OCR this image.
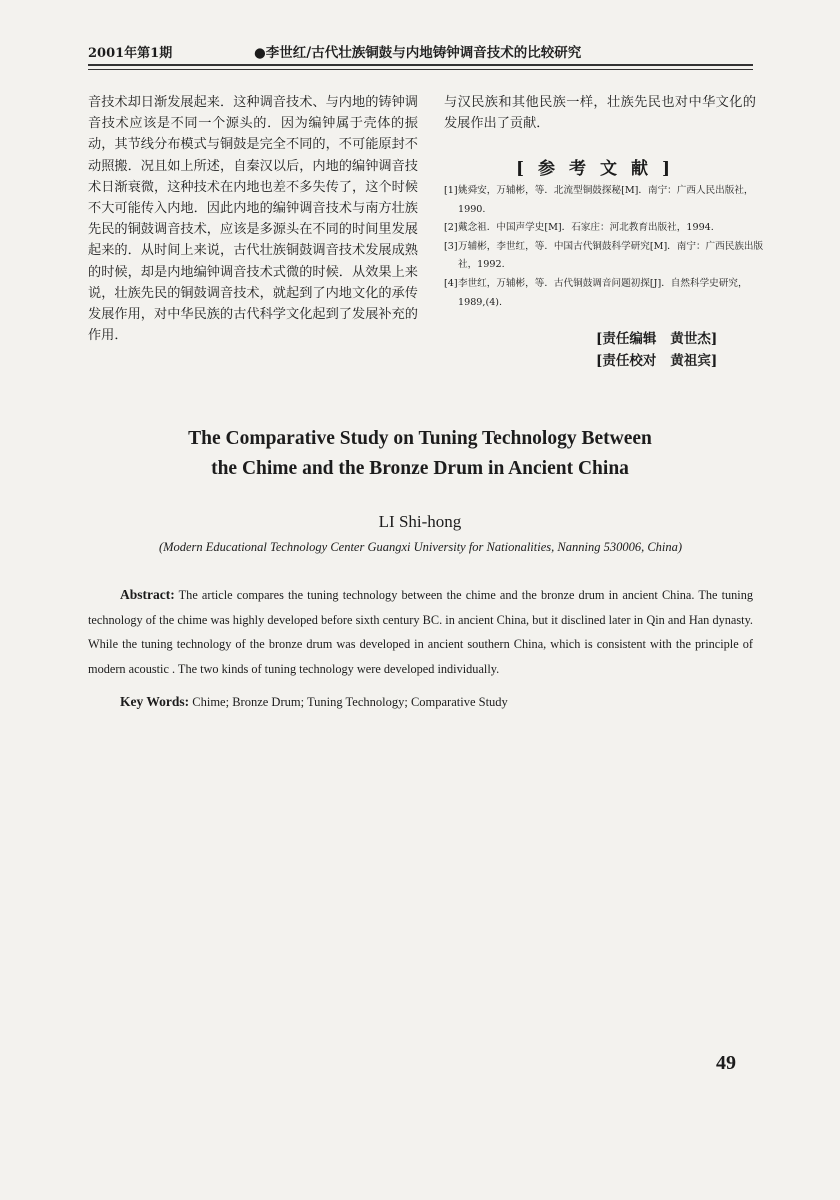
2001年第1期	●李世红/古代壮族铜鼓与内地铸钟调音技术的比较研究

音技术却日渐发展起来．这种调音技术、与内地的铸钟调音技术应该是不同一个源头的．因为编钟属于壳体的振动，其节线分布模式与铜鼓是完全不同的，不可能原封不动照搬．况且如上所述，自秦汉以后，内地的编钟调音技术日渐衰微，这种技术在内地也差不多失传了，这个时候不大可能传入内地．因此内地的编钟调音技术与南方壮族先民的铜鼓调音技术，应该是多源头在不同的时间里发展起来的．从时间上来说，古代壮族铜鼓调音技术发展成熟的时候，却是内地编钟调音技术式微的时候．从效果上来说，壮族先民的铜鼓调音技术，就起到了内地文化的承传发展作用，对中华民族的古代科学文化起到了发展补充的作用．

与汉民族和其他民族一样，壮族先民也对中华文化的发展作出了贡献．

[参考文献]
[1] 姚舜安，万辅彬，等．北流型铜鼓探秘[M]．南宁：广西人民出版社，1990.
[2] 戴念祖．中国声学史[M]．石家庄：河北教育出版社，1994.
[3] 万辅彬，李世红，等．中国古代铜鼓科学研究[M]．南宁：广西民族出版社，1992.
[4] 李世红，万辅彬，等．古代铜鼓调音问题初探[J]．自然科学史研究，1989,(4).
[责任编辑 黄世杰]
[责任校对 黄祖宾]
The Comparative Study on Tuning Technology Between
the Chime and the Bronze Drum in Ancient China
LI Shi-hong
(Modern Educational Technology Center Guangxi University for Nationalities, Nanning 530006, China)
Abstract: The article compares the tuning technology between the chime and the bronze drum in ancient China. The tuning technology of the chime was highly developed before sixth century BC. in ancient China, but it disclined later in Qin and Han dynasty. While the tuning technology of the bronze drum was developed in ancient southern China, which is consistent with the principle of modern acoustic . The two kinds of tuning technology were developed individually.
Key Words: Chime; Bronze Drum; Tuning Technology; Comparative Study
49
